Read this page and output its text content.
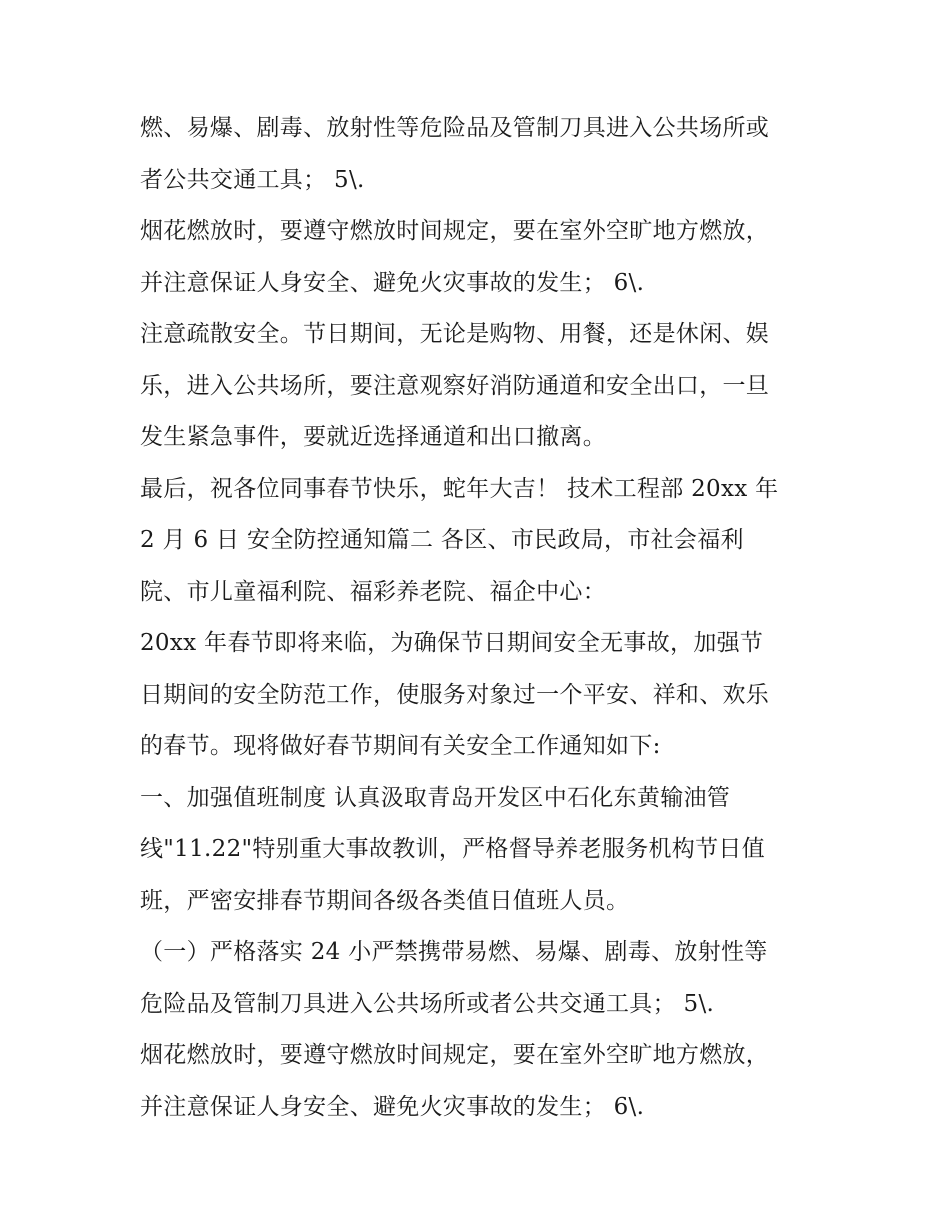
燃、易爆、剧毒、放射性等危险品及管制刀具进入公共场所或
者公共交通工具； 5\.
烟花燃放时，要遵守燃放时间规定，要在室外空旷地方燃放，
并注意保证人身安全、避免火灾事故的发生； 6\.
注意疏散安全。节日期间，无论是购物、用餐，还是休闲、娱
乐，进入公共场所，要注意观察好消防通道和安全出口，一旦
发生紧急事件，要就近选择通道和出口撤离。
最后，祝各位同事春节快乐，蛇年大吉！ 技术工程部 20xx 年
2 月 6 日 安全防控通知篇二 各区、市民政局，市社会福利
院、市儿童福利院、福彩养老院、福企中心：
20xx 年春节即将来临，为确保节日期间安全无事故，加强节
日期间的安全防范工作，使服务对象过一个平安、祥和、欢乐
的春节。现将做好春节期间有关安全工作通知如下:
一、加强值班制度 认真汲取青岛开发区中石化东黄输油管
线"11.22"特别重大事故教训，严格督导养老服务机构节日值
班，严密安排春节期间各级各类值日值班人员。
（一）严格落实 24 小严禁携带易燃、易爆、剧毒、放射性等
危险品及管制刀具进入公共场所或者公共交通工具； 5\.
烟花燃放时，要遵守燃放时间规定，要在室外空旷地方燃放，
并注意保证人身安全、避免火灾事故的发生； 6\.
